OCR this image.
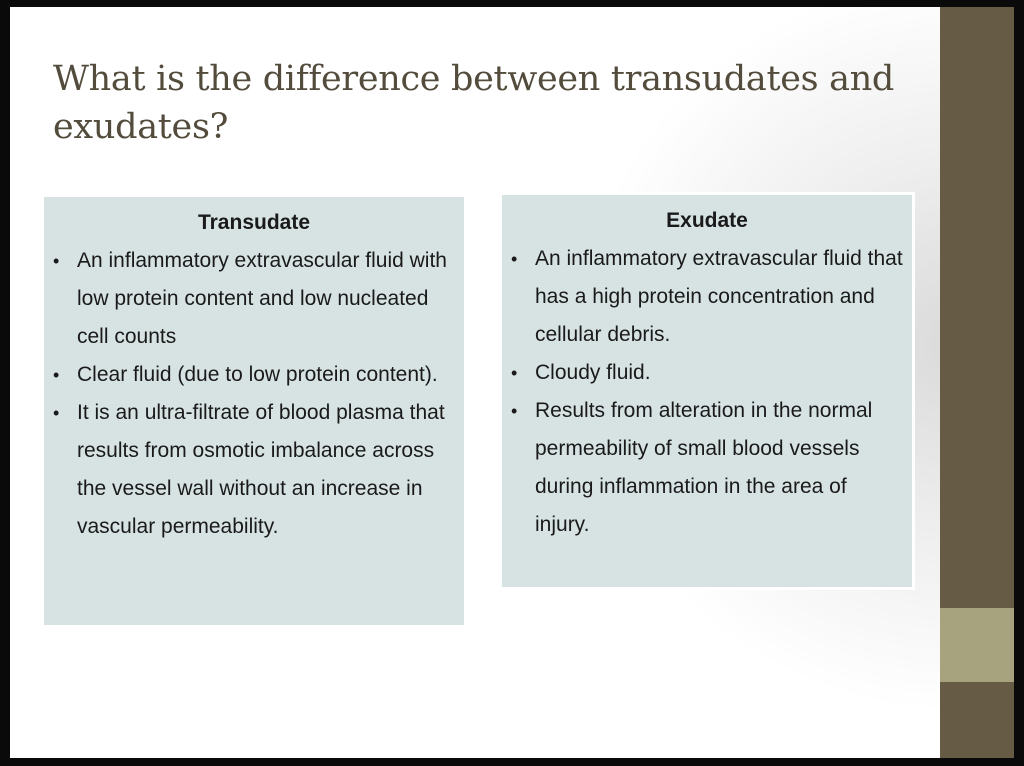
What is the difference between transudates and exudates?
Transudate
• An inflammatory extravascular fluid with low protein content and low nucleated cell counts
• Clear fluid (due to low protein content).
• It is an ultra-filtrate of blood plasma that results from osmotic imbalance across the vessel wall without an increase in vascular permeability.
Exudate
• An inflammatory extravascular fluid that has a high protein concentration and cellular debris.
• Cloudy fluid.
• Results from alteration in the normal permeability of small blood vessels during inflammation in the area of injury.
